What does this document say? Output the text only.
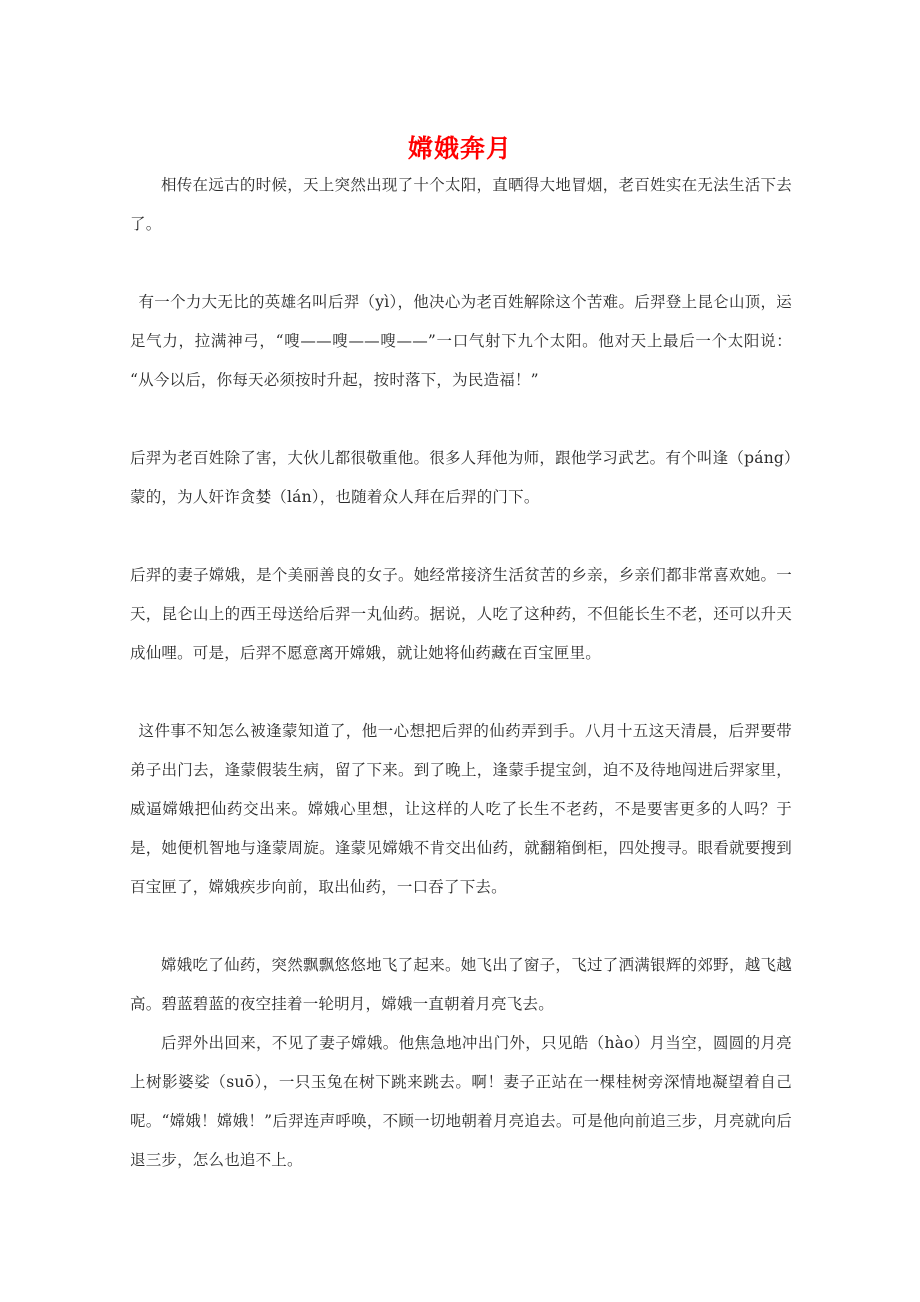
嫦娥奔月

相传在远古的时候，天上突然出现了十个太阳，直晒得大地冒烟，老百姓实在无法生活下去了。

有一个力大无比的英雄名叫后羿（yì），他决心为老百姓解除这个苦难。后羿登上昆仑山顶，运足气力，拉满神弓，“嗖——嗖——嗖——”一口气射下九个太阳。他对天上最后一个太阳说：“从今以后，你每天必须按时升起，按时落下，为民造福！”

后羿为老百姓除了害，大伙儿都很敬重他。很多人拜他为师，跟他学习武艺。有个叫逢（páng）蒙的，为人奸诈贪婪（lán），也随着众人拜在后羿的门下。

后羿的妻子嫦娥，是个美丽善良的女子。她经常接济生活贫苦的乡亲，乡亲们都非常喜欢她。一天，昆仑山上的西王母送给后羿一丸仙药。据说，人吃了这种药，不但能长生不老，还可以升天成仙哩。可是，后羿不愿意离开嫦娥，就让她将仙药藏在百宝匣里。

这件事不知怎么被逢蒙知道了，他一心想把后羿的仙药弄到手。八月十五这天清晨，后羿要带弟子出门去，逢蒙假装生病，留了下来。到了晚上，逢蒙手提宝剑，迫不及待地闯进后羿家里，威逼嫦娥把仙药交出来。嫦娥心里想，让这样的人吃了长生不老药，不是要害更多的人吗？于是，她便机智地与逢蒙周旋。逢蒙见嫦娥不肯交出仙药，就翻箱倒柜，四处搜寻。眼看就要搜到百宝匣了，嫦娥疾步向前，取出仙药，一口吞了下去。

嫦娥吃了仙药，突然飘飘悠悠地飞了起来。她飞出了窗子，飞过了洒满银辉的郊野，越飞越高。碧蓝碧蓝的夜空挂着一轮明月，嫦娥一直朝着月亮飞去。

后羿外出回来，不见了妻子嫦娥。他焦急地冲出门外，只见皓（hào）月当空，圆圆的月亮上树影婆娑（suō），一只玉兔在树下跳来跳去。啊！妻子正站在一棵桂树旁深情地凝望着自己呢。“嫦娥！嫦娥！”后羿连声呼唤，不顾一切地朝着月亮追去。可是他向前追三步，月亮就向后退三步，怎么也追不上。
